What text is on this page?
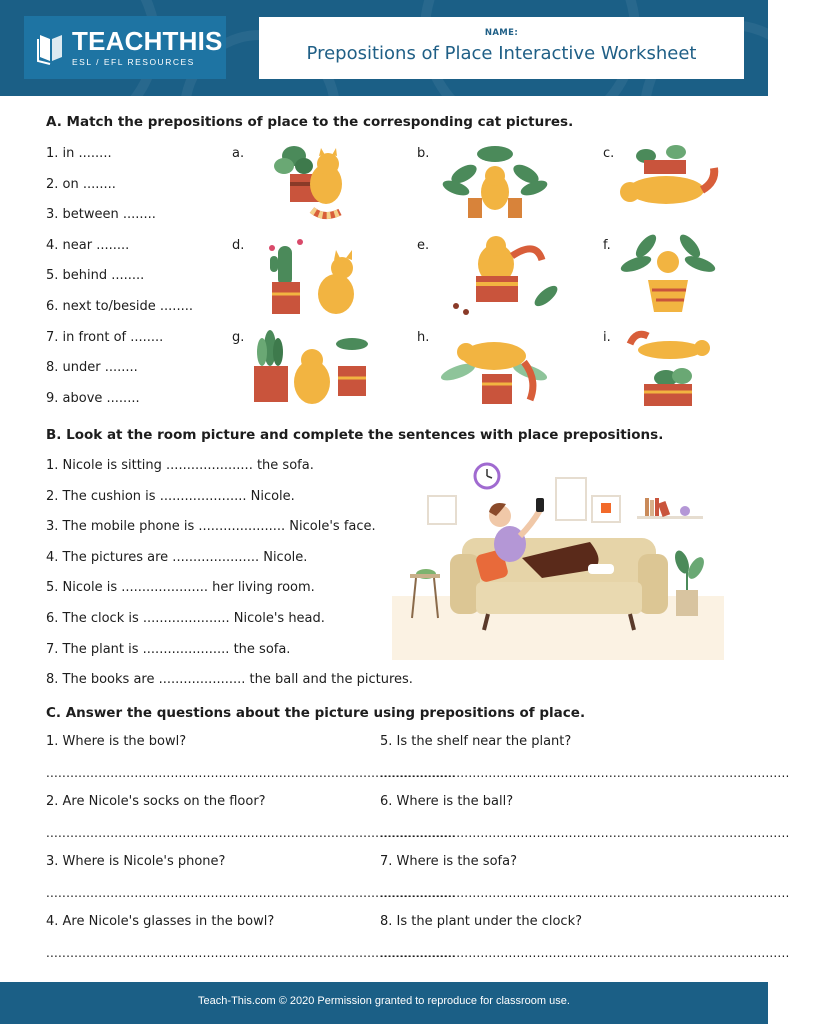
TEACHTHIS
ESL / EFL RESOURCES
NAME:
Prepositions of Place Interactive Worksheet
A. Match the prepositions of place to the corresponding cat pictures.
1. in ........
2. on ........
3. between ........
4. near ........
5. behind ........
6. next to/beside ........
7. in front of ........
8. under ........
9. above ........
a.	b.	c.
d.	e.	f.
g.	h.	i.
B. Look at the room picture and complete the sentences with place prepositions.
1. Nicole is sitting ..................... the sofa.
2. The cushion is ..................... Nicole.
3. The mobile phone is ..................... Nicole's face.
4. The pictures are ..................... Nicole.
5. Nicole is ..................... her living room.
6. The clock is ..................... Nicole's head.
7. The plant is ..................... the sofa.
8. The books are ..................... the ball and the pictures.
C. Answer the questions about the picture using prepositions of place.
1. Where is the bowl?	5. Is the shelf near the plant?
......................................................................................................
......................................................................................................
2. Are Nicole's socks on the floor?	6. Where is the ball?
......................................................................................................
......................................................................................................
3. Where is Nicole's phone?	7. Where is the sofa?
......................................................................................................
......................................................................................................
4. Are Nicole's glasses in the bowl?	8. Is the plant under the clock?
......................................................................................................
......................................................................................................
Teach-This.com © 2020 Permission granted to reproduce for classroom use.
